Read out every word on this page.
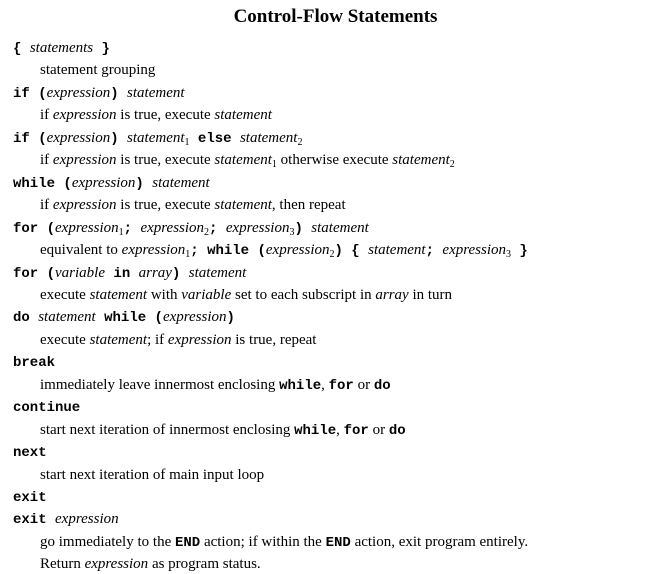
Control-Flow Statements
{ statements }
statement grouping
if (expression) statement
if expression is true, execute statement
if (expression) statement$_1$ else statement$_2$
if expression is true, execute statement$_1$ otherwise execute statement$_2$
while (expression) statement
if expression is true, execute statement, then repeat
for (expression$_1$; expression$_2$; expression$_3$) statement
equivalent to expression$_1$; while (expression$_2$) { statement; expression$_3$ }
for (variable in array) statement
execute statement with variable set to each subscript in array in turn
do statement while (expression)
execute statement; if expression is true, repeat
break
immediately leave innermost enclosing while, for or do
continue
start next iteration of innermost enclosing while, for or do
next
start next iteration of main input loop
exit
exit expression
go immediately to the END action; if within the END action, exit program entirely.
Return expression as program status.
